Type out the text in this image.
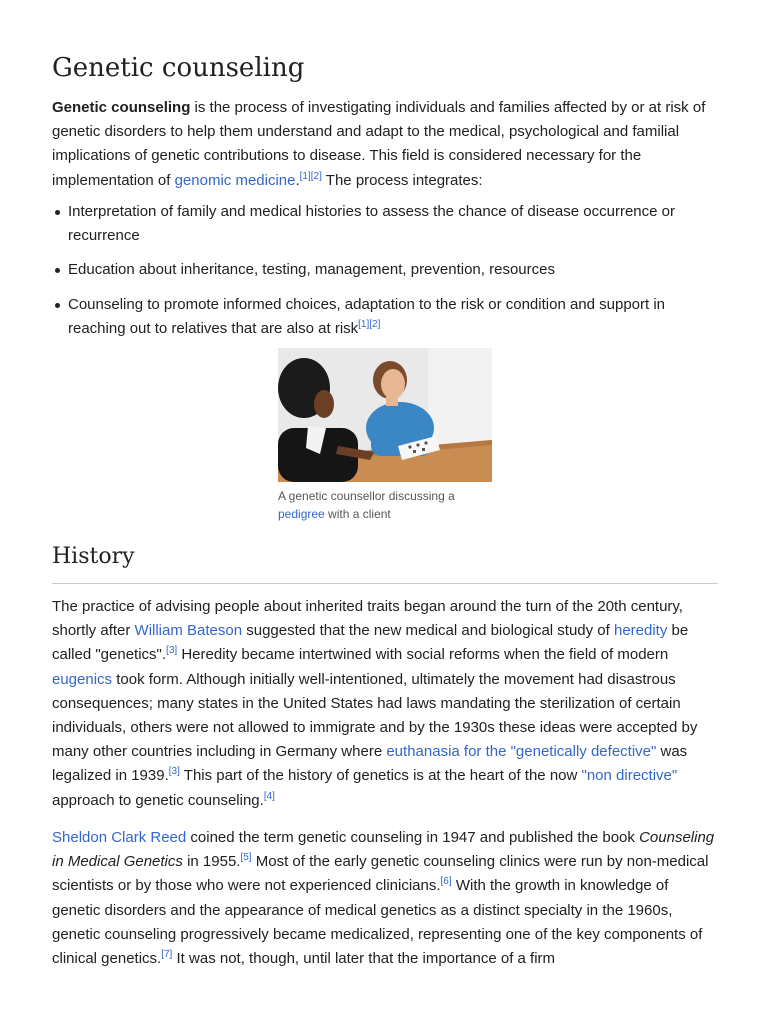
Genetic counseling

Genetic counseling is the process of investigating individuals and families affected by or at risk of genetic disorders to help them understand and adapt to the medical, psychological and familial implications of genetic contributions to disease. This field is considered necessary for the implementation of genomic medicine.[1][2] The process integrates:

Interpretation of family and medical histories to assess the chance of disease occurrence or recurrence
Education about inheritance, testing, management, prevention, resources
Counseling to promote informed choices, adaptation to the risk or condition and support in reaching out to relatives that are also at risk[1][2]
A genetic counsellor discussing a pedigree with a client
History

The practice of advising people about inherited traits began around the turn of the 20th century, shortly after William Bateson suggested that the new medical and biological study of heredity be called "genetics".[3] Heredity became intertwined with social reforms when the field of modern eugenics took form. Although initially well-intentioned, ultimately the movement had disastrous consequences; many states in the United States had laws mandating the sterilization of certain individuals, others were not allowed to immigrate and by the 1930s these ideas were accepted by many other countries including in Germany where euthanasia for the "genetically defective" was legalized in 1939.[3] This part of the history of genetics is at the heart of the now "non directive" approach to genetic counseling.[4]

Sheldon Clark Reed coined the term genetic counseling in 1947 and published the book Counseling in Medical Genetics in 1955.[5] Most of the early genetic counseling clinics were run by non-medical scientists or by those who were not experienced clinicians.[6] With the growth in knowledge of genetic disorders and the appearance of medical genetics as a distinct specialty in the 1960s, genetic counseling progressively became medicalized, representing one of the key components of clinical genetics.[7] It was not, though, until later that the importance of a firm
